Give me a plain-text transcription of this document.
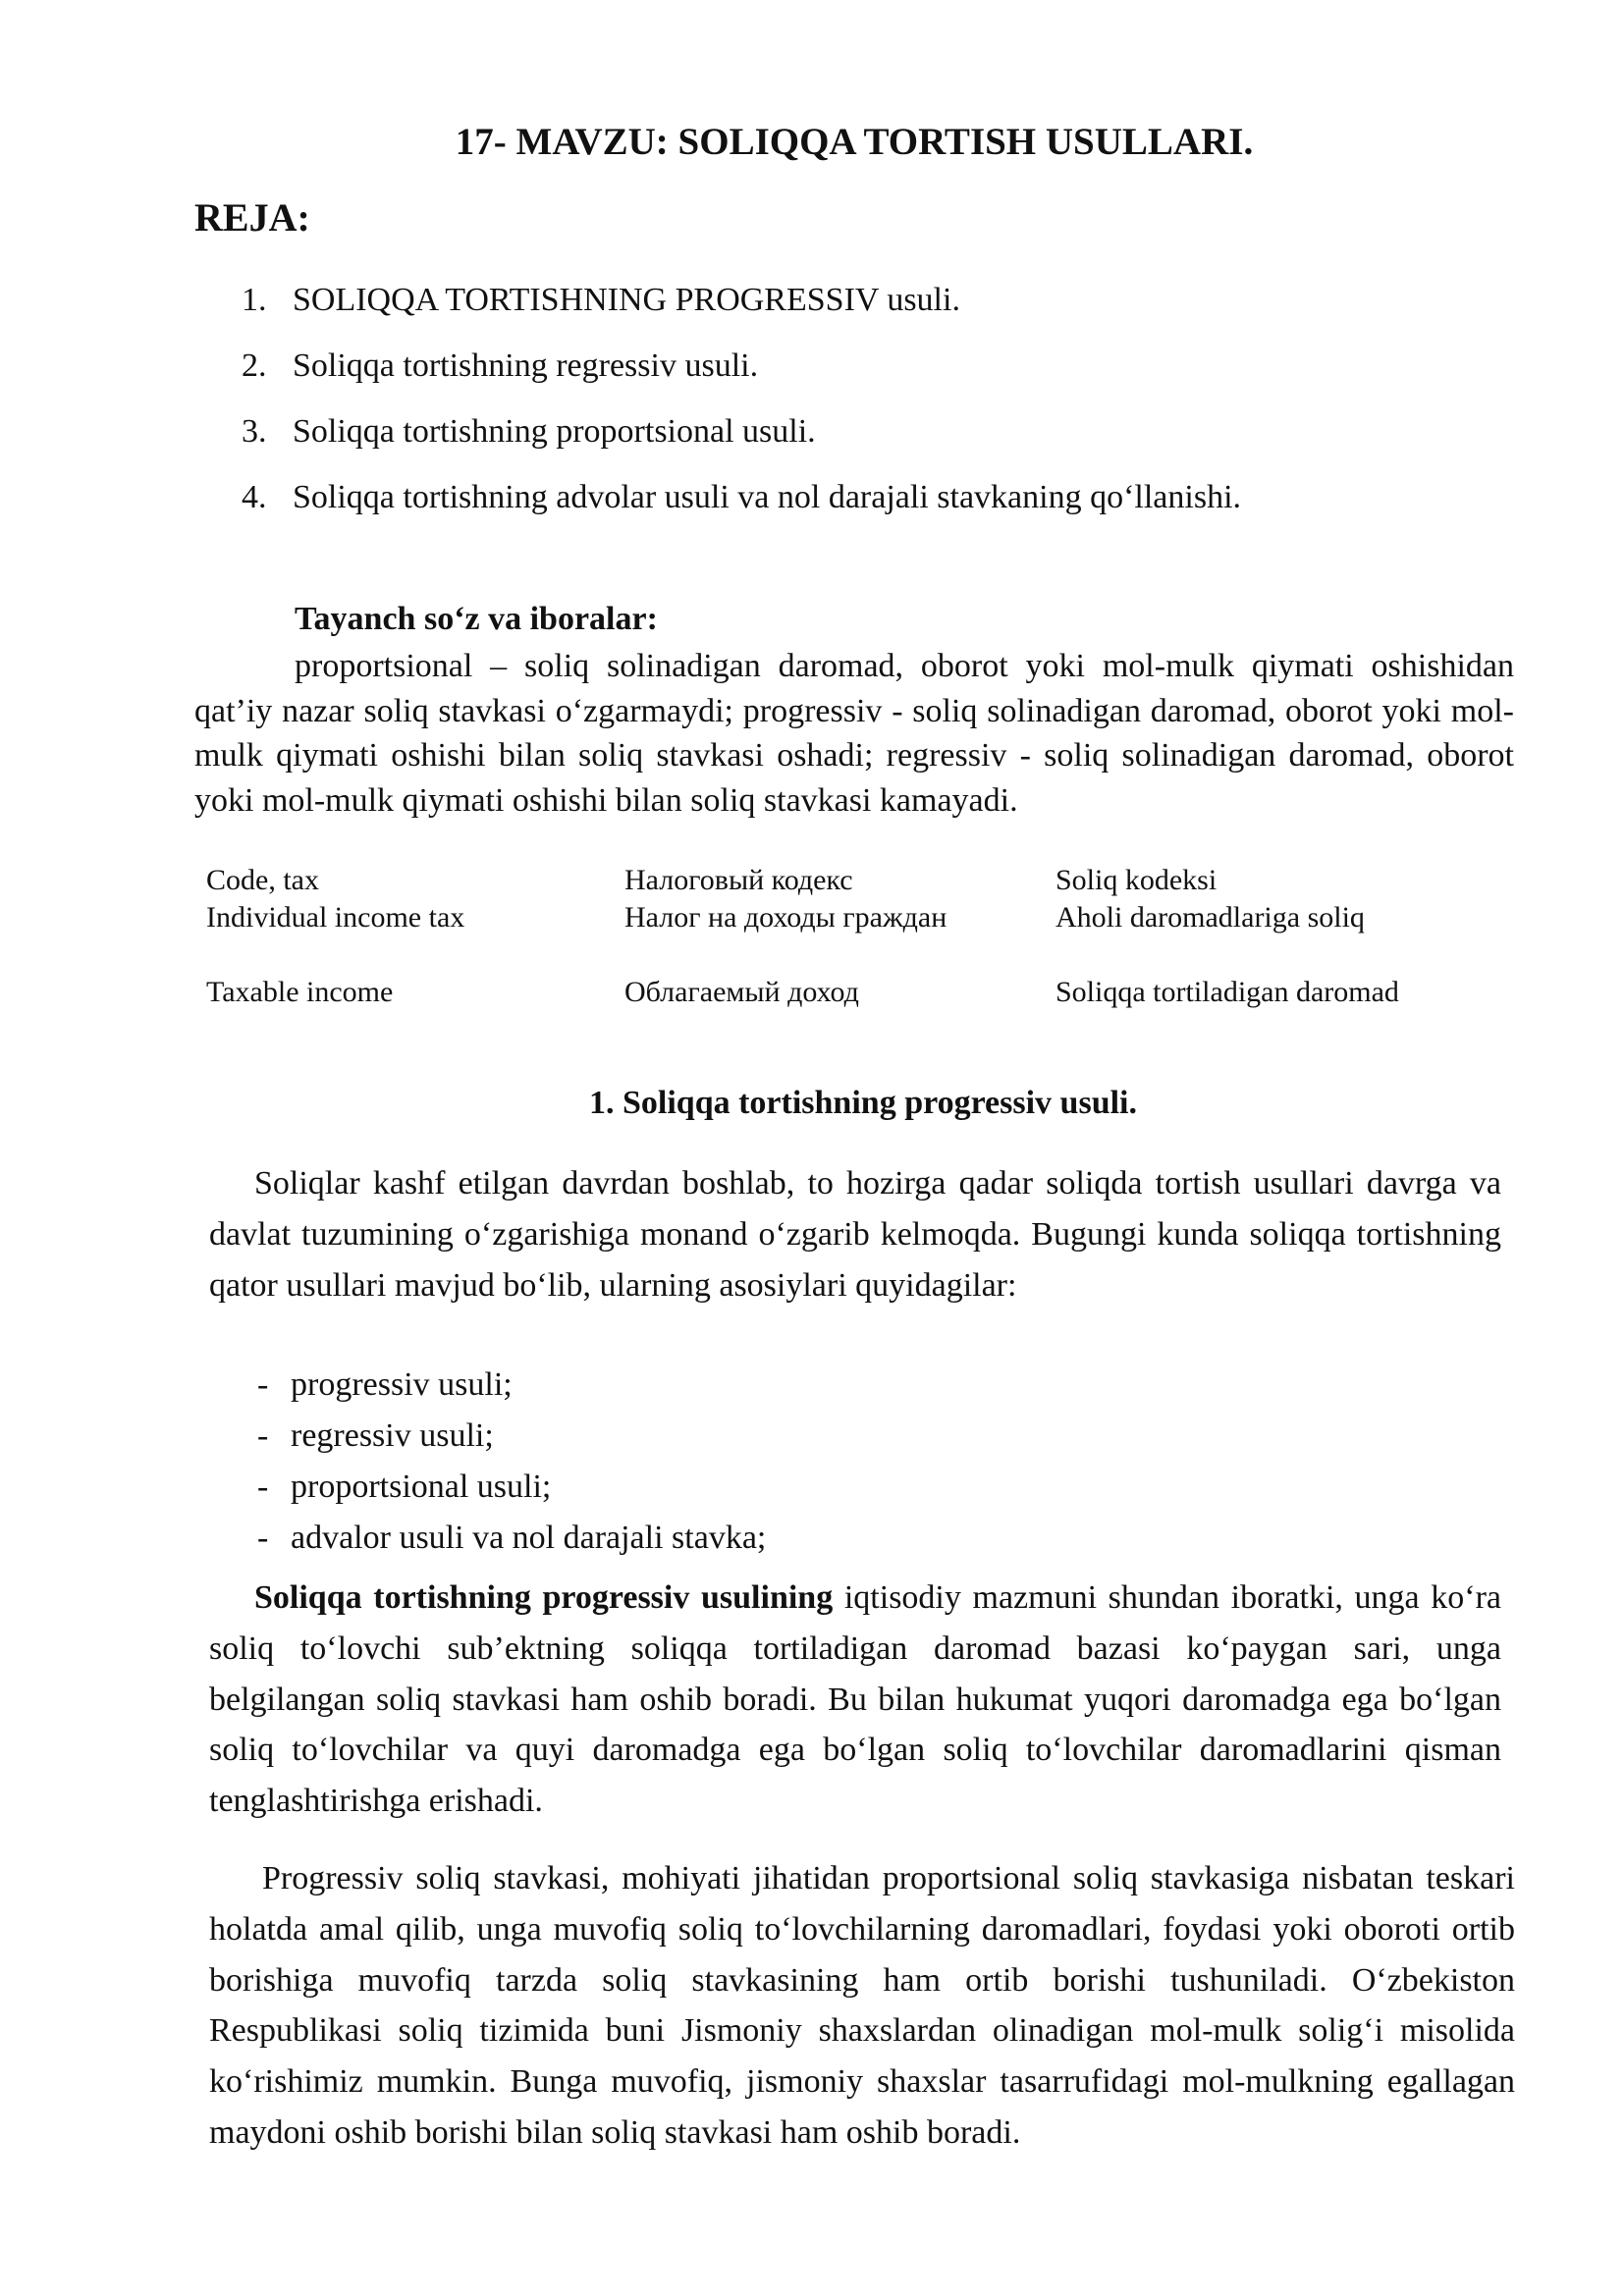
17- MAVZU: SOLIQQA TORTISH USULLARI.
REJA:
1. SOLIQQA TORTISHNING PROGRESSIV usuli.
2. Soliqqa tortishning regressiv usuli.
3. Soliqqa tortishning proportsional usuli.
4. Soliqqa tortishning advolar usuli va nol darajali stavkaning qo‘llanishi.
Tayanch so‘z va iboralar:

proportsional – soliq solinadigan daromad, oborot yoki mol-mulk qiymati oshishidan qat’iy nazar soliq stavkasi o‘zgarmaydi; progressiv - soliq solinadigan daromad, oborot yoki mol-mulk qiymati oshishi bilan soliq stavkasi oshadi; regressiv - soliq solinadigan daromad, oborot yoki mol-mulk qiymati oshishi bilan soliq stavkasi kamayadi.

Code, tax	Налоговый кодекс	Soliq kodeksi
Individual income tax	Налог на доходы граждан	Aholi daromadlariga soliq
Taxable income	Облагаемый доход	Soliqqa tortiladigan daromad
1. Soliqqa tortishning progressiv usuli.

Soliqlar kashf etilgan davrdan boshlab, to hozirga qadar soliqda tortish usullari davrga va davlat tuzumining o‘zgarishiga monand o‘zgarib kelmoqda. Bugungi kunda soliqqa tortishning qator usullari mavjud bo‘lib, ularning asosiylari quyidagilar:

- progressiv usuli;
- regressiv usuli;
- proportsional usuli;
- advalor usuli va nol darajali stavka;

Soliqqa tortishning progressiv usulining iqtisodiy mazmuni shundan iboratki, unga ko‘ra soliq to‘lovchi sub’ektning soliqqa tortiladigan daromad bazasi ko‘paygan sari, unga belgilangan soliq stavkasi ham oshib boradi. Bu bilan hukumat yuqori daromadga ega bo‘lgan soliq to‘lovchilar va quyi daromadga ega bo‘lgan soliq to‘lovchilar daromadlarini qisman tenglashtirishga erishadi.

Progressiv soliq stavkasi, mohiyati jihatidan proportsional soliq stavkasiga nisbatan teskari holatda amal qilib, unga muvofiq soliq to‘lovchilarning daromadlari, foydasi yoki oboroti ortib borishiga muvofiq tarzda soliq stavkasining ham ortib borishi tushuniladi. O‘zbekiston Respublikasi soliq tizimida buni Jismoniy shaxslardan olinadigan mol-mulk solig‘i misolida ko‘rishimiz mumkin. Bunga muvofiq, jismoniy shaxslar tasarrufidagi mol-mulkning egallagan maydoni oshib borishi bilan soliq stavkasi ham oshib boradi.
